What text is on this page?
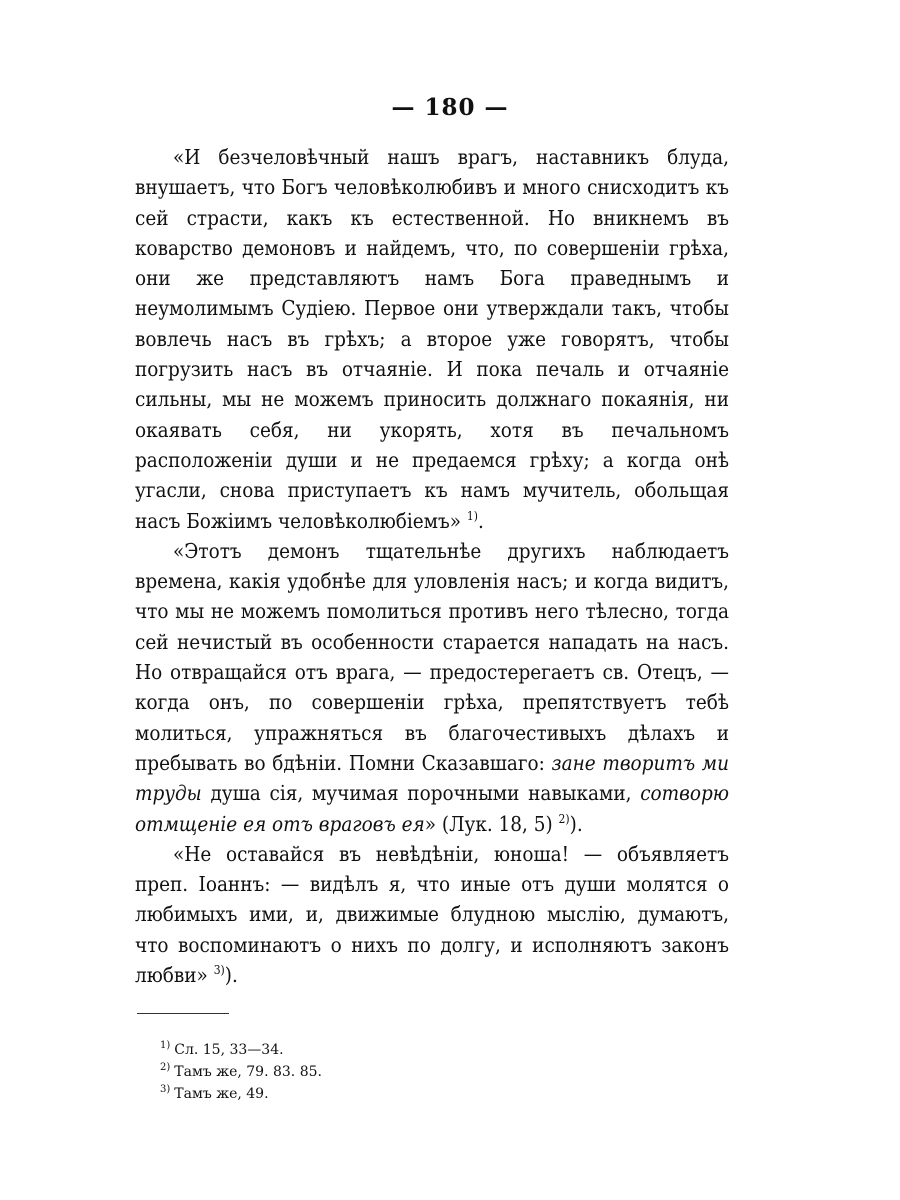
— 180 —

«И безчеловѣчный нашъ врагъ, наставникъ блуда, внушаетъ, что Богъ человѣколюбивъ и много снисходитъ къ сей страсти, какъ къ естественной. Но вникнемъ въ коварство демоновъ и найдемъ, что, по совершеніи грѣха, они же представляютъ намъ Бога праведнымъ и неумолимымъ Судіею. Первое они утверждали такъ, чтобы вовлечь насъ въ грѣхъ; а второе уже говорятъ, чтобы погрузить насъ въ отчаяніе. И пока печаль и отчаяніе сильны, мы не можемъ приносить должнаго покаянія, ни окаявать себя, ни укорять, хотя въ печальномъ расположеніи души и не предаемся грѣху; а когда онѣ угасли, снова приступаетъ къ намъ мучитель, обольщая насъ Божіимъ человѣколюбіемъ» $^{1)}$.

«Этотъ демонъ тщательнѣе другихъ наблюдаетъ времена, какія удобнѣе для уловленія насъ; и когда видитъ, что мы не можемъ помолиться противъ него тѣлесно, тогда сей нечистый въ особенности старается нападать на насъ. Но отвращайся отъ врага, — предостерегаетъ св. Отецъ, — когда онъ, по совершеніи грѣха, препятствуетъ тебѣ молиться, упражняться въ благочестивыхъ дѣлахъ и пребывать во бдѣніи. Помни Сказавшаго: зане творитъ ми труды душа сія, мучимая порочными навыками, сотворю отмщеніе ея отъ враговъ ея» (Лук. 18, 5) $^{2)}$).

«Не оставайся въ невѣдѣніи, юноша! — объявляетъ преп. Іоаннъ: — видѣлъ я, что иные отъ души молятся о любимыхъ ими, и, движимые блудною мыслію, думаютъ, что воспоминаютъ о нихъ по долгу, и исполняютъ законъ любви» $^{3)}$).

$^{1)}$ Сл. 15, 33—34.
$^{2)}$ Тамъ же, 79. 83. 85.
$^{3)}$ Тамъ же, 49.
